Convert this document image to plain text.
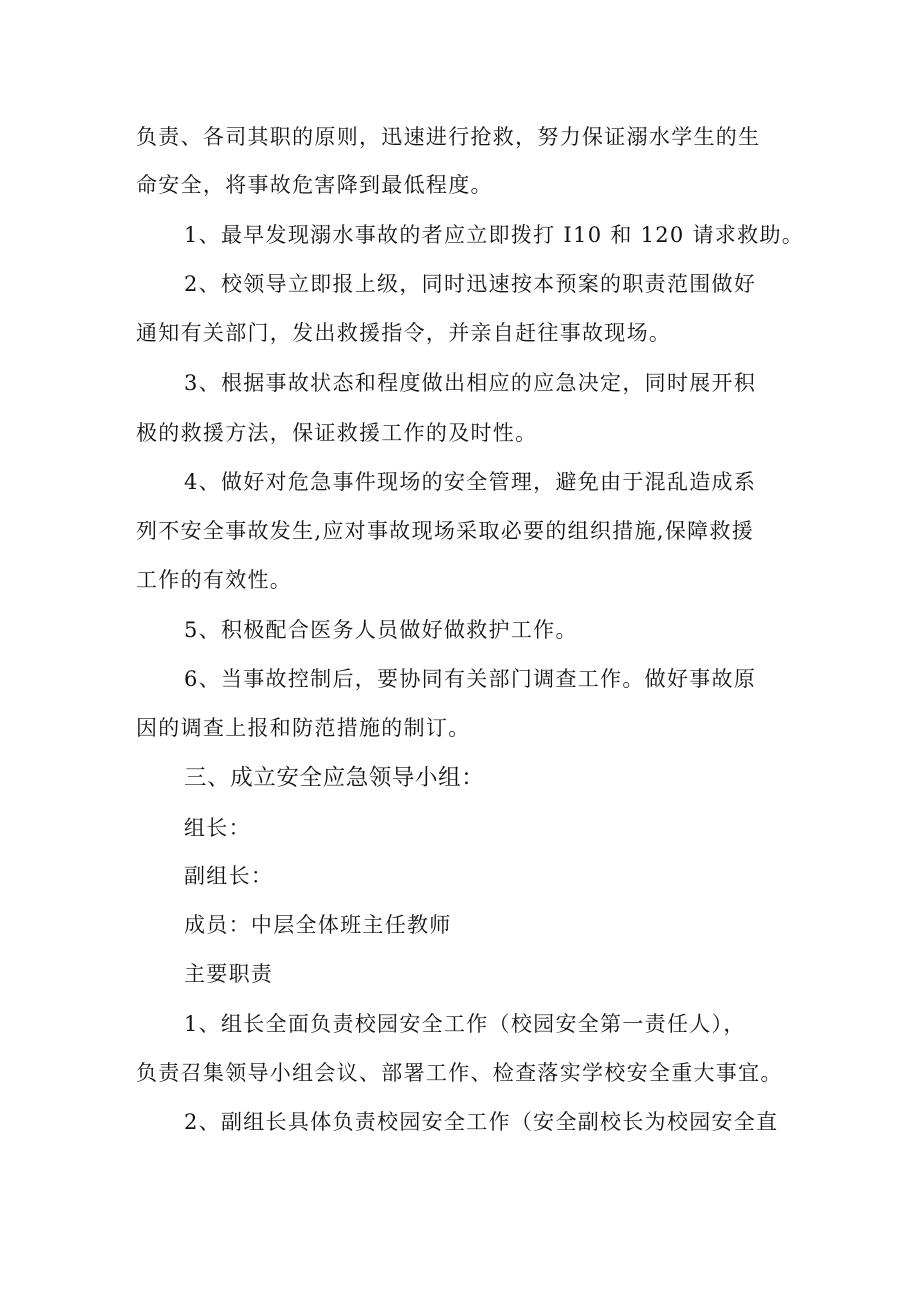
负责、各司其职的原则，迅速进行抢救，努力保证溺水学生的生
命安全，将事故危害降到最低程度。
1、最早发现溺水事故的者应立即拨打 I10 和 120 请求救助。
2、校领导立即报上级，同时迅速按本预案的职责范围做好
通知有关部门，发出救援指令，并亲自赶往事故现场。
3、根据事故状态和程度做出相应的应急决定，同时展开积
极的救援方法，保证救援工作的及时性。
4、做好对危急事件现场的安全管理，避免由于混乱造成系
列不安全事故发生,应对事故现场采取必要的组织措施,保障救援
工作的有效性。
5、积极配合医务人员做好做救护工作。
6、当事故控制后，要协同有关部门调查工作。做好事故原
因的调查上报和防范措施的制订。
三、成立安全应急领导小组：
组长：
副组长：
成员：中层全体班主任教师
主要职责
1、组长全面负责校园安全工作（校园安全第一责任人），
负责召集领导小组会议、部署工作、检查落实学校安全重大事宜。
2、副组长具体负责校园安全工作（安全副校长为校园安全直
